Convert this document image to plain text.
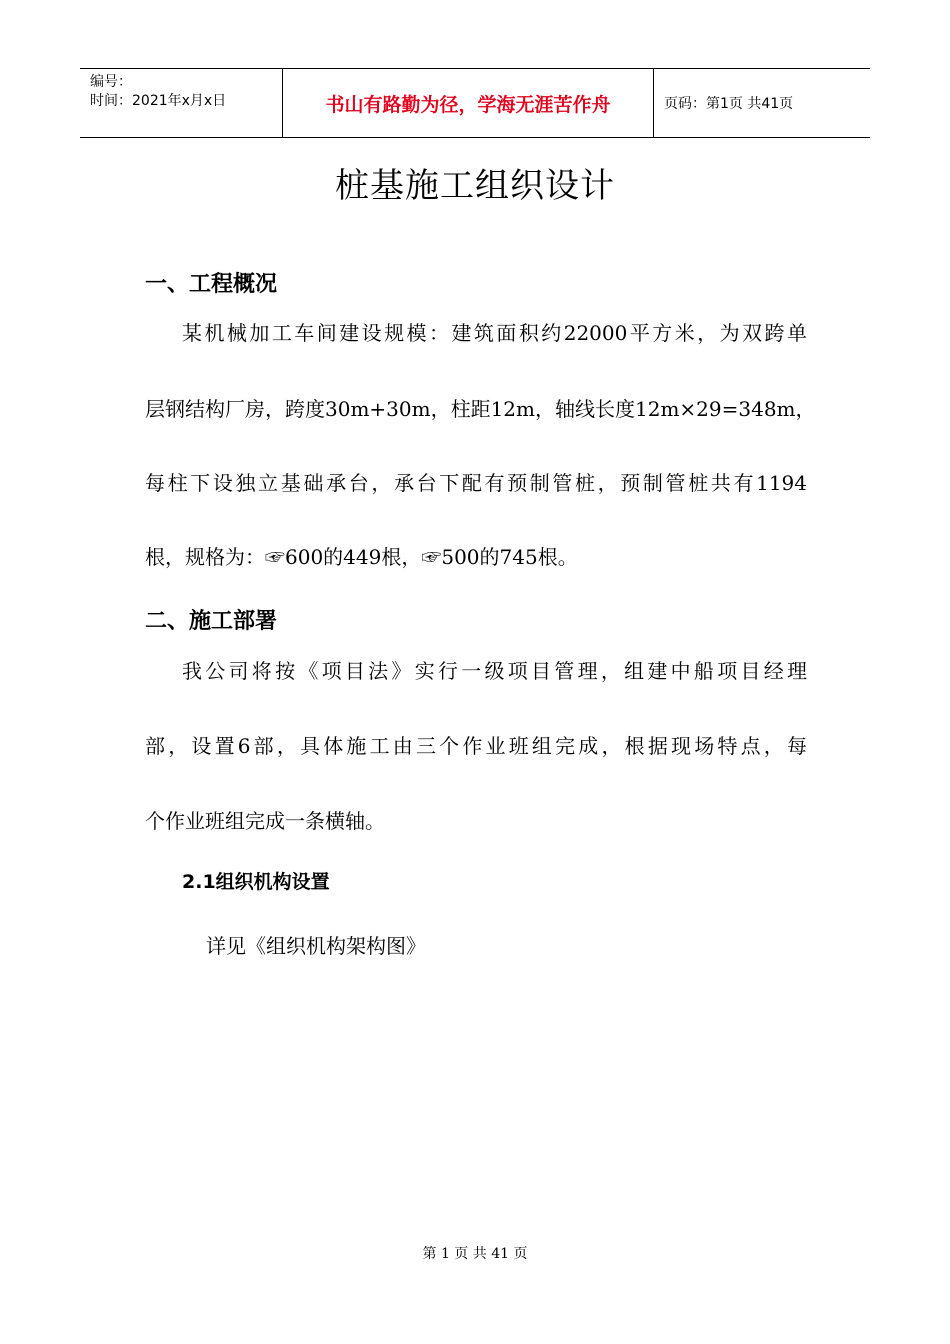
编号：
时间：2021年x月x日	书山有路勤为径，学海无涯苦作舟	页码：第1页 共41页
桩基施工组织设计
一、工程概况
某机械加工车间建设规模：建筑面积约22000平方米，为双跨单
层钢结构厂房，跨度30m+30m，柱距12m，轴线长度12m×29=348m，
每柱下设独立基础承台，承台下配有预制管桩，预制管桩共有1194
根，规格为：☞600的449根，☞500的745根。
二、施工部署
我公司将按《项目法》实行一级项目管理，组建中船项目经理
部，设置6部，具体施工由三个作业班组完成，根据现场特点，每
个作业班组完成一条横轴。
2.1组织机构设置
详见《组织机构架构图》
第 1 页 共 41 页
